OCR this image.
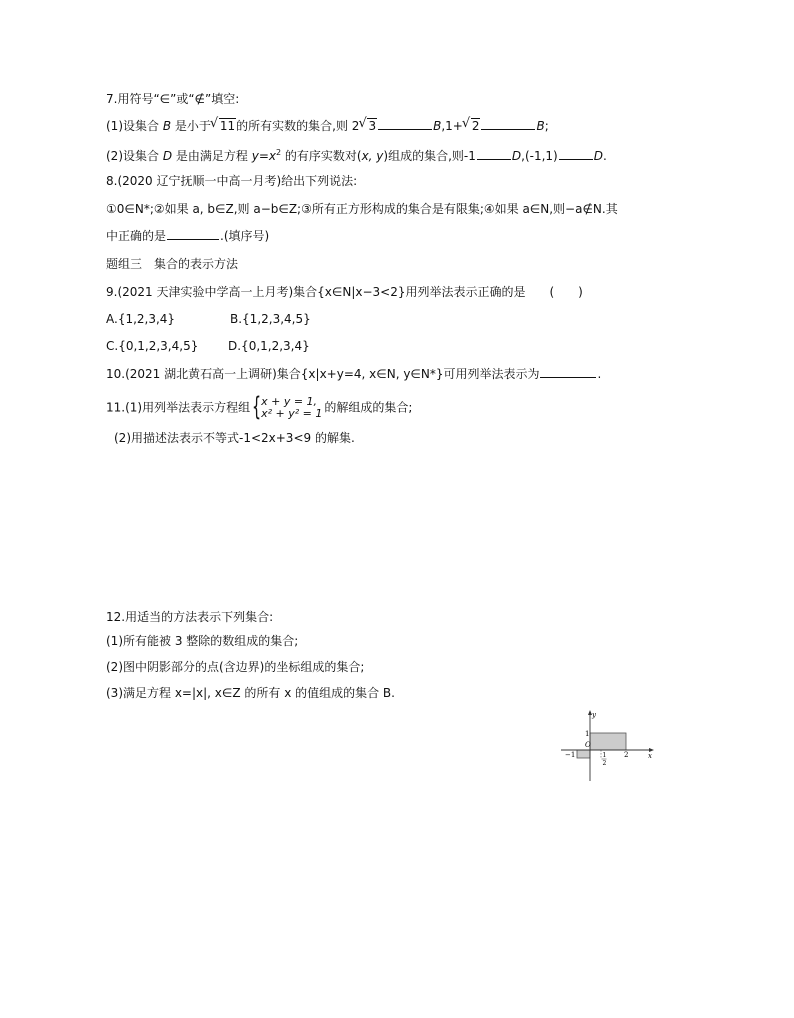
7.用符号“∈”或“∉”填空:
(1)设集合 B 是小于 √ 11的所有实数的集合,则 2 √ 3	B,1+ √ 2	B;
(2)设集合 D 是由满足方程 $y=x^2$ 的有序实数对(x, y)组成的集合,则-1	D,(-1,1)	D.
8.(2020 辽宁抚顺一中高一月考)给出下列说法:
①0∈N*;②如果 a, b∈Z,则 a−b∈Z;③所有正方形构成的集合是有限集;④如果 a∈N,则−a∉N.其
中正确的是	.(填序号)
题组三　集合的表示方法
9.(2021 天津实验中学高一上月考)集合{x∈N|x−3<2}用列举法表示正确的是　　(　　)
A.{1,2,3,4}	B.{1,2,3,4,5}
C.{0,1,2,3,4,5} D.{0,1,2,3,4}
10.(2021 湖北黄石高一上调研)集合{x|x+y=4, x∈N, y∈N*}可用列举法表示为	.
11.(1)用列举法表示方程组 { x + y = 1,
x² + y² = 1 的解组成的集合;
(2)用描述法表示不等式-1<2x+3<9 的解集.
12.用适当的方法表示下列集合:
(1)所有能被 3 整除的数组成的集合;
(2)图中阴影部分的点(含边界)的坐标组成的集合;
(3)满足方程 x=|x|, x∈Z 的所有 x 的值组成的集合 B.
y
x
O
1
−1	2
1
2
